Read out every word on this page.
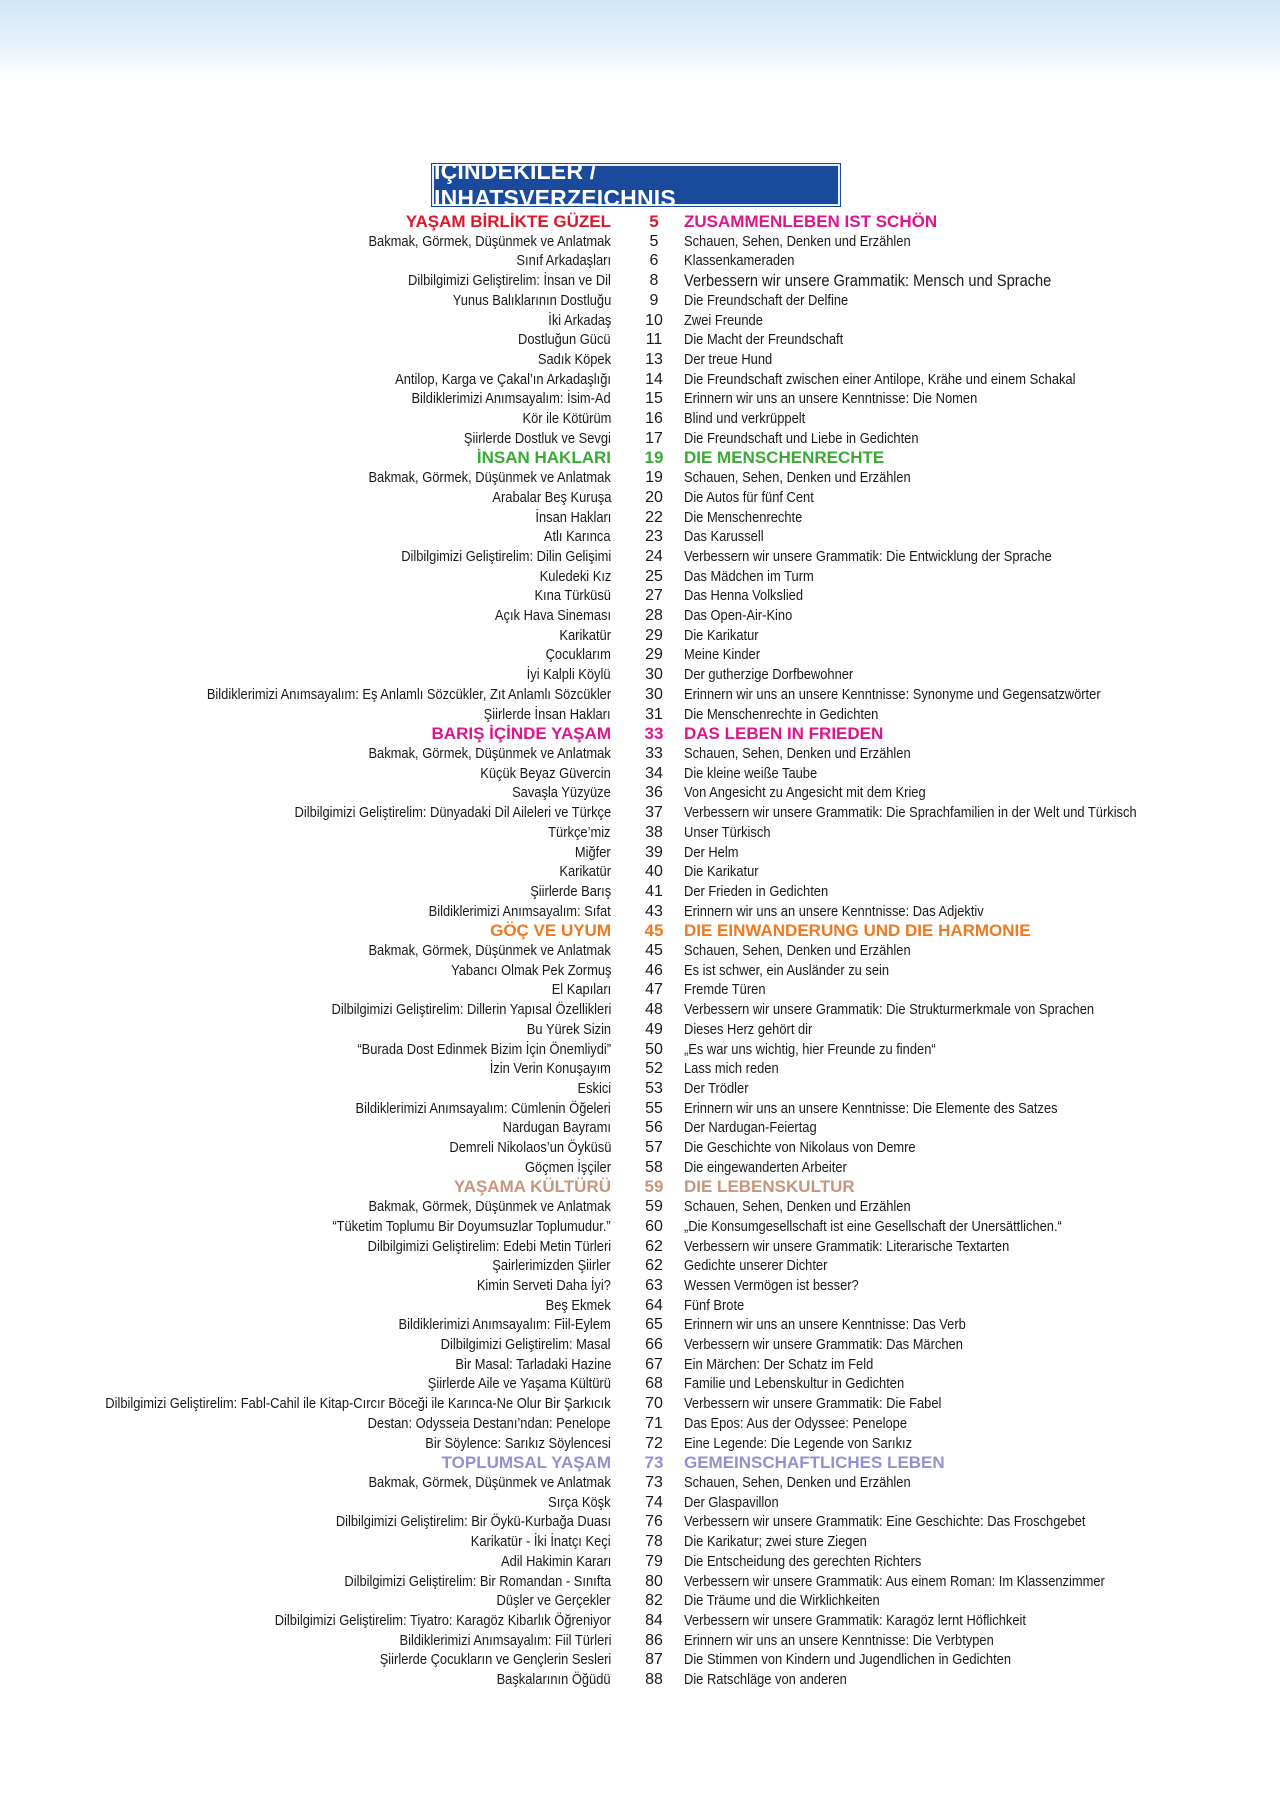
İÇİNDEKİLER / INHATSVERZEICHNIS
YAŞAM BİRLİKTE GÜZEL	5	ZUSAMMENLEBEN IST SCHÖN
Bakmak, Görmek, Düşünmek ve Anlatmak	5	Schauen, Sehen, Denken und Erzählen
Sınıf Arkadaşları	6	Klassenkameraden
Dilbilgimizi Geliştirelim: İnsan ve Dil	8	Verbessern wir unsere Grammatik: Mensch und Sprache
Yunus Balıklarının Dostluğu	9	Die Freundschaft der Delfine
İki Arkadaş	10	Zwei Freunde
Dostluğun Gücü	11	Die Macht der Freundschaft
Sadık Köpek	13	Der treue Hund
Antilop, Karga ve Çakal’ın Arkadaşlığı	14	Die Freundschaft zwischen einer Antilope, Krähe und einem Schakal
Bildiklerimizi Anımsayalım: İsim-Ad	15	Erinnern wir uns an unsere Kenntnisse: Die Nomen
Kör ile Kötürüm	16	Blind und verkrüppelt
Şiirlerde Dostluk ve Sevgi	17	Die Freundschaft und Liebe in Gedichten
İNSAN HAKLARI	19	DIE MENSCHENRECHTE
Bakmak, Görmek, Düşünmek ve Anlatmak	19	Schauen, Sehen, Denken und Erzählen
Arabalar Beş Kuruşa	20	Die Autos für fünf Cent
İnsan Hakları	22	Die Menschenrechte
Atlı Karınca	23	Das Karussell
Dilbilgimizi Geliştirelim: Dilin Gelişimi	24	Verbessern wir unsere Grammatik: Die Entwicklung der Sprache
Kuledeki Kız	25	Das Mädchen im Turm
Kına Türküsü	27	Das Henna Volkslied
Açık Hava Sineması	28	Das Open-Air-Kino
Karikatür	29	Die Karikatur
Çocuklarım	29	Meine Kinder
İyi Kalpli Köylü	30	Der gutherzige Dorfbewohner
Bildiklerimizi Anımsayalım: Eş Anlamlı Sözcükler, Zıt Anlamlı Sözcükler	30	Erinnern wir uns an unsere Kenntnisse: Synonyme und Gegensatzwörter
Şiirlerde İnsan Hakları	31	Die Menschenrechte in Gedichten
BARIŞ İÇİNDE YAŞAM	33	DAS LEBEN IN FRIEDEN
Bakmak, Görmek, Düşünmek ve Anlatmak	33	Schauen, Sehen, Denken und Erzählen
Küçük Beyaz Güvercin	34	Die kleine weiße Taube
Savaşla Yüzyüze	36	Von Angesicht zu Angesicht mit dem Krieg
Dilbilgimizi Geliştirelim: Dünyadaki Dil Aileleri ve Türkçe	37	Verbessern wir unsere Grammatik: Die Sprachfamilien in der Welt und Türkisch
Türkçe’miz	38	Unser Türkisch
Miğfer	39	Der Helm
Karikatür	40	Die Karikatur
Şiirlerde Barış	41	Der Frieden in Gedichten
Bildiklerimizi Anımsayalım: Sıfat	43	Erinnern wir uns an unsere Kenntnisse: Das Adjektiv
GÖÇ VE UYUM	45	DIE EINWANDERUNG UND DIE HARMONIE
Bakmak, Görmek, Düşünmek ve Anlatmak	45	Schauen, Sehen, Denken und Erzählen
Yabancı Olmak Pek Zormuş	46	Es ist schwer, ein Ausländer zu sein
El Kapıları	47	Fremde Türen
Dilbilgimizi Geliştirelim: Dillerin Yapısal Özellikleri	48	Verbessern wir unsere Grammatik: Die Strukturmerkmale von Sprachen
Bu Yürek Sizin	49	Dieses Herz gehört dir
“Burada Dost Edinmek Bizim İçin Önemliydi”	50	„Es war uns wichtig, hier Freunde zu finden“
İzin Verin Konuşayım	52	Lass mich reden
Eskici	53	Der Trödler
Bildiklerimizi Anımsayalım: Cümlenin Öğeleri	55	Erinnern wir uns an unsere Kenntnisse: Die Elemente des Satzes
Nardugan Bayramı	56	Der Nardugan-Feiertag
Demreli Nikolaos’un Öyküsü	57	Die Geschichte von Nikolaus von Demre
Göçmen İşçiler	58	Die eingewanderten Arbeiter
YAŞAMA KÜLTÜRÜ	59	DIE LEBENSKULTUR
Bakmak, Görmek, Düşünmek ve Anlatmak	59	Schauen, Sehen, Denken und Erzählen
“Tüketim Toplumu Bir Doyumsuzlar Toplumudur.”	60	„Die Konsumgesellschaft ist eine Gesellschaft der Unersättlichen.“
Dilbilgimizi Geliştirelim: Edebi Metin Türleri	62	Verbessern wir unsere Grammatik: Literarische Textarten
Şairlerimizden Şiirler	62	Gedichte unserer Dichter
Kimin Serveti Daha İyi?	63	Wessen Vermögen ist besser?
Beş Ekmek	64	Fünf Brote
Bildiklerimizi Anımsayalım: Fiil-Eylem	65	Erinnern wir uns an unsere Kenntnisse: Das Verb
Dilbilgimizi Geliştirelim: Masal	66	Verbessern wir unsere Grammatik: Das Märchen
Bir Masal: Tarladaki Hazine	67	Ein Märchen: Der Schatz im Feld
Şiirlerde Aile ve Yaşama Kültürü	68	Familie und Lebenskultur in Gedichten
Dilbilgimizi Geliştirelim: Fabl-Cahil ile Kitap-Cırcır Böceği ile Karınca-Ne Olur Bir Şarkıcık	70	Verbessern wir unsere Grammatik: Die Fabel
Destan: Odysseia Destanı’ndan: Penelope	71	Das Epos: Aus der Odyssee: Penelope
Bir Söylence: Sarıkız Söylencesi	72	Eine Legende: Die Legende von Sarıkız
TOPLUMSAL YAŞAM	73	GEMEINSCHAFTLICHES LEBEN
Bakmak, Görmek, Düşünmek ve Anlatmak	73	Schauen, Sehen, Denken und Erzählen
Sırça Köşk	74	Der Glaspavillon
Dilbilgimizi Geliştirelim: Bir Öykü-Kurbağa Duası	76	Verbessern wir unsere Grammatik: Eine Geschichte: Das Froschgebet
Karikatür - İki İnatçı Keçi	78	Die Karikatur; zwei sture Ziegen
Adil Hakimin Kararı	79	Die Entscheidung des gerechten Richters
Dilbilgimizi Geliştirelim: Bir Romandan - Sınıfta	80	Verbessern wir unsere Grammatik: Aus einem Roman: Im Klassenzimmer
Düşler ve Gerçekler	82	Die Träume und die Wirklichkeiten
Dilbilgimizi Geliştirelim: Tiyatro: Karagöz Kibarlık Öğreniyor	84	Verbessern wir unsere Grammatik: Karagöz lernt Höflichkeit
Bildiklerimizi Anımsayalım: Fiil Türleri	86	Erinnern wir uns an unsere Kenntnisse: Die Verbtypen
Şiirlerde Çocukların ve Gençlerin Sesleri	87	Die Stimmen von Kindern und Jugendlichen in Gedichten
Başkalarının Öğüdü	88	Die Ratschläge von anderen
